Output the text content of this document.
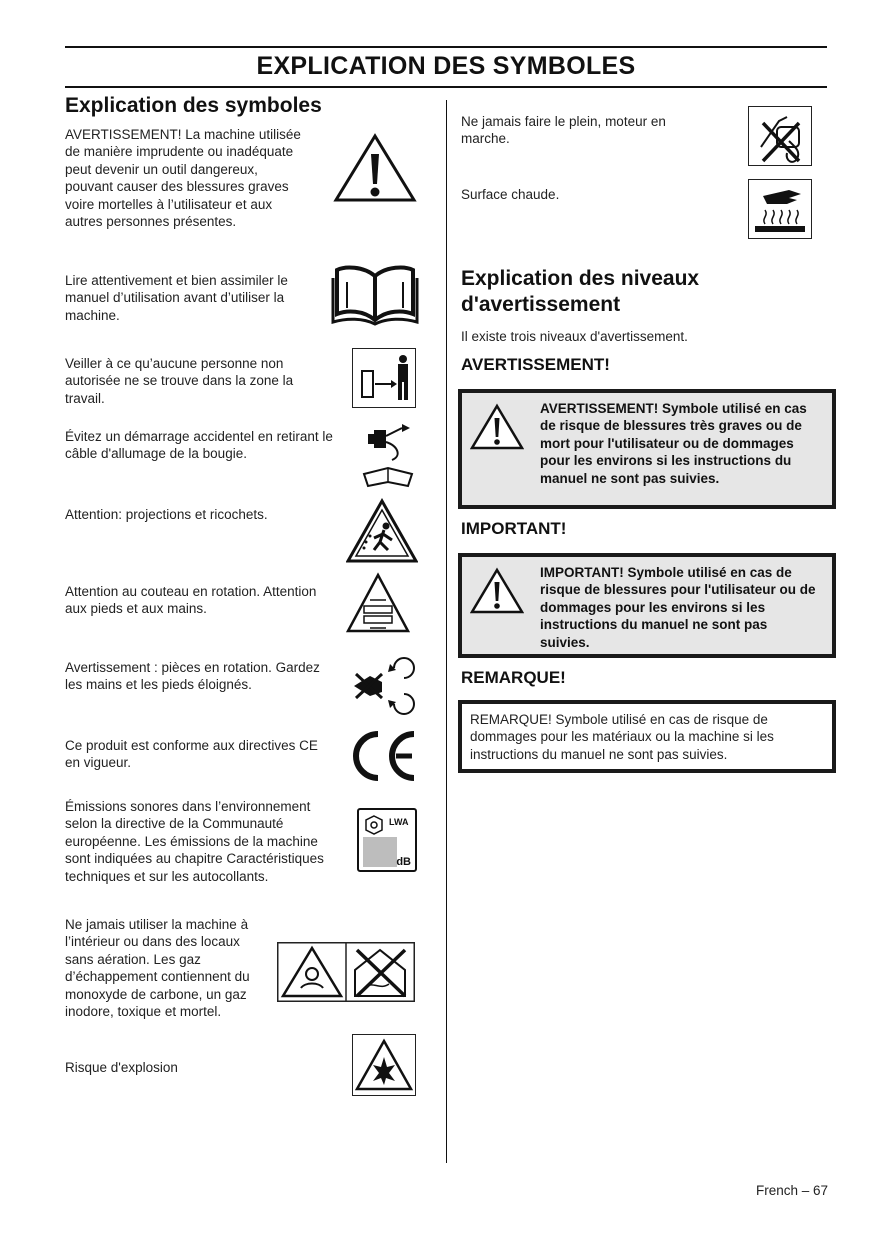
EXPLICATION DES SYMBOLES
Explication des symboles
AVERTISSEMENT! La machine utilisée de manière imprudente ou inadéquate peut devenir un outil dangereux, pouvant causer des blessures graves voire mortelles à l’utilisateur et aux autres personnes présentes.
Lire attentivement et bien assimiler le manuel d’utilisation avant d’utiliser la machine.
Veiller à ce qu’aucune personne non autorisée ne se trouve dans la zone la travail.
Évitez un démarrage accidentel en retirant le câble d'allumage de la bougie.
Attention: projections et ricochets.
Attention au couteau en rotation. Attention aux pieds et aux mains.
Avertissement : pièces en rotation. Gardez les mains et les pieds éloignés.
Ce produit est conforme aux directives CE en vigueur.
Émissions sonores dans l’environnement selon la directive de la Communauté européenne. Les émissions de la machine sont indiquées au chapitre Caractéristiques techniques et sur les autocollants.
LWA
dB
Ne jamais utiliser la machine à l’intérieur ou dans des locaux sans aération. Les gaz d’échappement contiennent du monoxyde de carbone, un gaz inodore, toxique et mortel.
Risque d'explosion
Ne jamais faire le plein, moteur en marche.
Surface chaude.
Explication des niveaux d'avertissement
Il existe trois niveaux d'avertissement.
AVERTISSEMENT!
AVERTISSEMENT! Symbole utilisé en cas de risque de blessures très graves ou de mort pour l'utilisateur ou de dommages pour les environs si les instructions du manuel ne sont pas suivies.
IMPORTANT!
IMPORTANT! Symbole utilisé en cas de risque de blessures pour l'utilisateur ou de dommages pour les environs si les instructions du manuel ne sont pas suivies.
REMARQUE!
REMARQUE! Symbole utilisé en cas de risque de dommages pour les matériaux ou la machine si les instructions du manuel ne sont pas suivies.
French – 67
